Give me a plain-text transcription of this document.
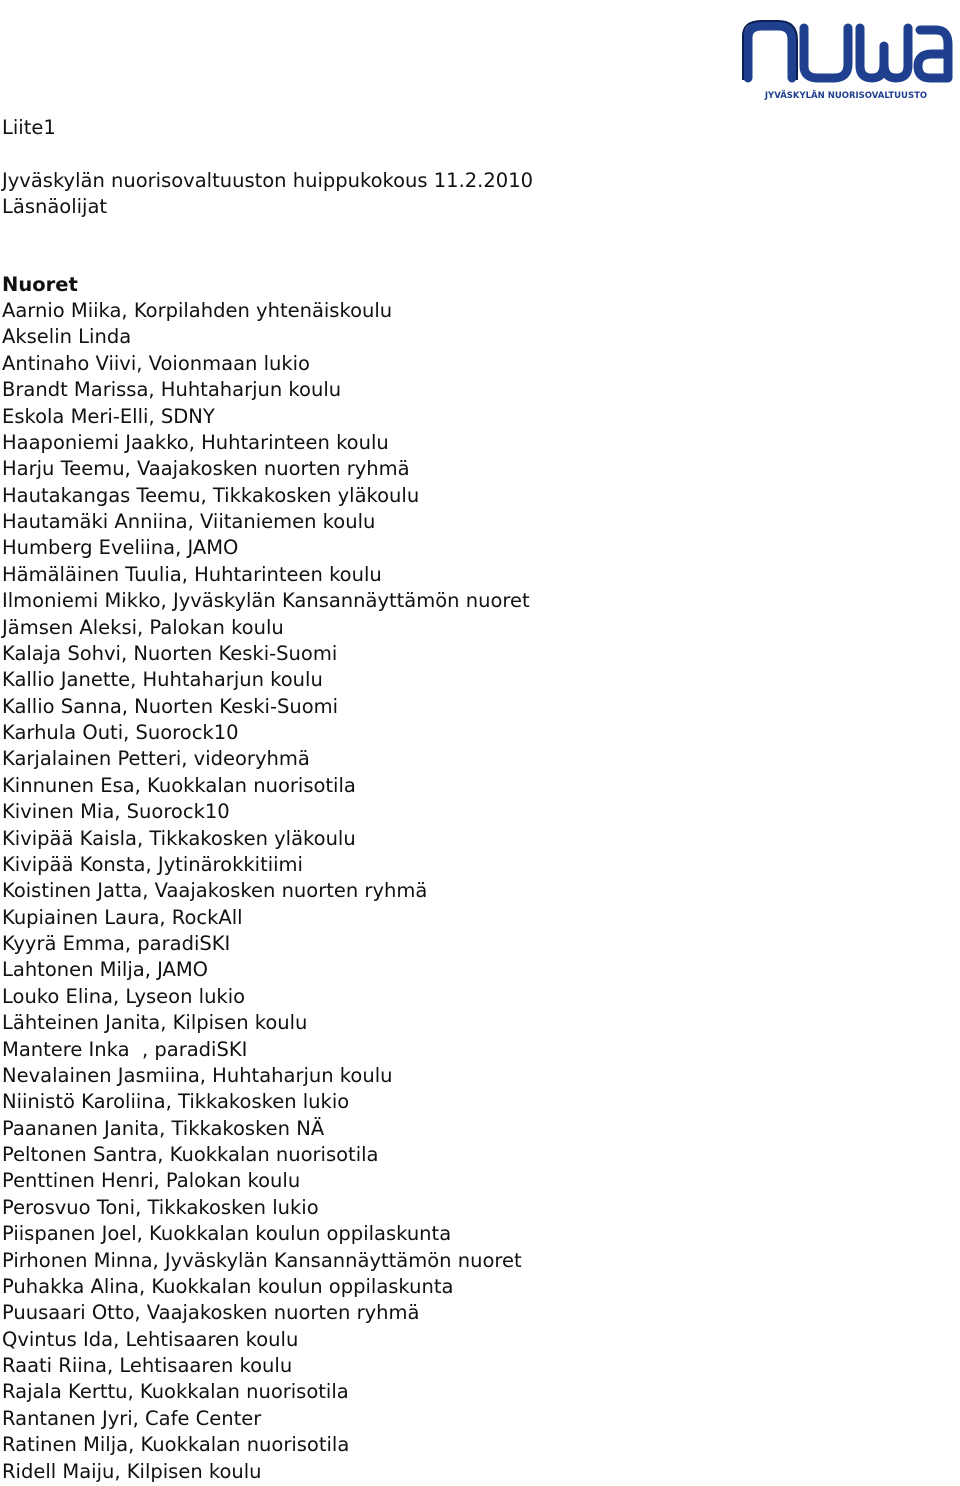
JYVÄSKYLÄN NUORISOVALTUUSTO

Liite1

Jyväskylän nuorisovaltuuston huippukokous 11.2.2010

Läsnäolijat

Nuoret

Aarnio Miika, Korpilahden yhtenäiskoulu
Akselin Linda
Antinaho Viivi, Voionmaan lukio
Brandt Marissa, Huhtaharjun koulu
Eskola Meri-Elli, SDNY
Haaponiemi Jaakko, Huhtarinteen koulu
Harju Teemu, Vaajakosken nuorten ryhmä
Hautakangas Teemu, Tikkakosken yläkoulu
Hautamäki Anniina, Viitaniemen koulu
Humberg Eveliina, JAMO
Hämäläinen Tuulia, Huhtarinteen koulu
Ilmoniemi Mikko, Jyväskylän Kansannäyttämön nuoret
Jämsen Aleksi, Palokan koulu
Kalaja Sohvi, Nuorten Keski-Suomi
Kallio Janette, Huhtaharjun koulu
Kallio Sanna, Nuorten Keski-Suomi
Karhula Outi, Suorock10
Karjalainen Petteri, videoryhmä
Kinnunen Esa, Kuokkalan nuorisotila
Kivinen Mia, Suorock10
Kivipää Kaisla, Tikkakosken yläkoulu
Kivipää Konsta, Jytinärokkitiimi
Koistinen Jatta, Vaajakosken nuorten ryhmä
Kupiainen Laura, RockAll
Kyyrä Emma, paradiSKI
Lahtonen Milja, JAMO
Louko Elina, Lyseon lukio
Lähteinen Janita, Kilpisen koulu
Mantere Inka  , paradiSKI
Nevalainen Jasmiina, Huhtaharjun koulu
Niinistö Karoliina, Tikkakosken lukio
Paananen Janita, Tikkakosken NÄ
Peltonen Santra, Kuokkalan nuorisotila
Penttinen Henri, Palokan koulu
Perosvuo Toni, Tikkakosken lukio
Piispanen Joel, Kuokkalan koulun oppilaskunta
Pirhonen Minna, Jyväskylän Kansannäyttämön nuoret
Puhakka Alina, Kuokkalan koulun oppilaskunta
Puusaari Otto, Vaajakosken nuorten ryhmä
Qvintus Ida, Lehtisaaren koulu
Raati Riina, Lehtisaaren koulu
Rajala Kerttu, Kuokkalan nuorisotila
Rantanen Jyri, Cafe Center
Ratinen Milja, Kuokkalan nuorisotila
Ridell Maiju, Kilpisen koulu
